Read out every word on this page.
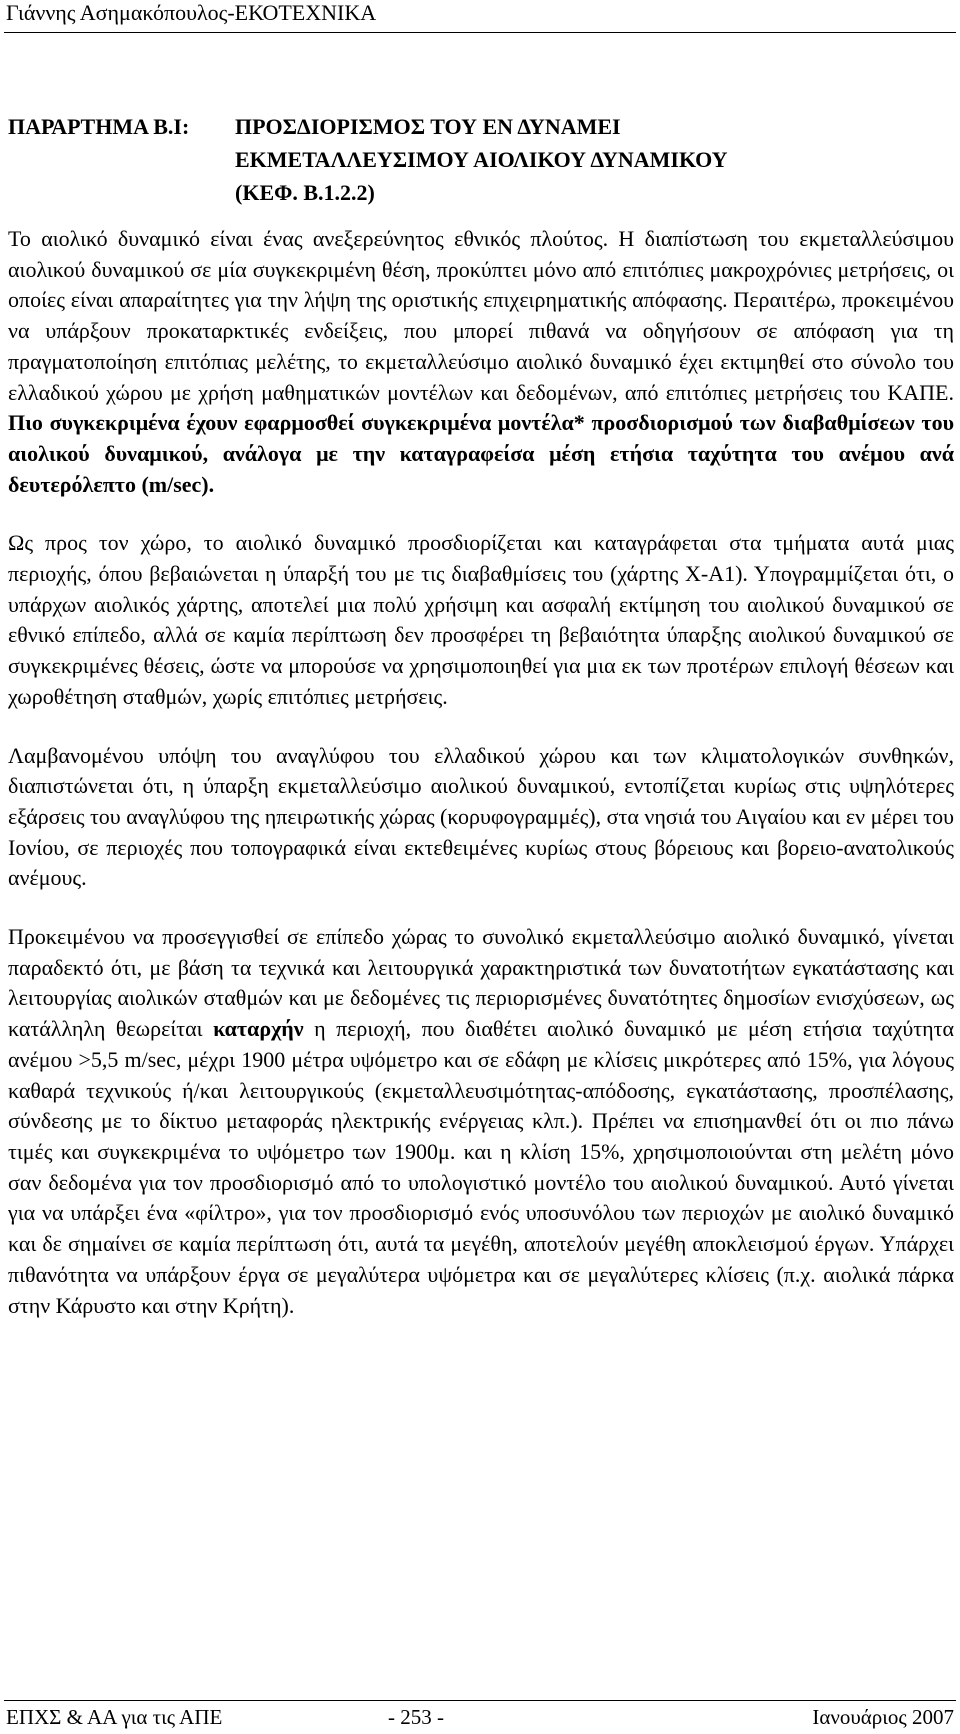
Γιάννης Ασημακόπουλος-ΕΚΟΤΕΧΝΙΚΑ
ΠΑΡΑΡΤΗΜΑ Β.Ι: ΠΡΟΣΔΙΟΡΙΣΜΟΣ ΤΟΥ ΕΝ ΔΥΝΑΜΕΙ
ΕΚΜΕΤΑΛΛΕΥΣΙΜΟΥ ΑΙΟΛΙΚΟΥ ΔΥΝΑΜΙΚΟΥ
(ΚΕΦ. Β.1.2.2)

Το αιολικό δυναμικό είναι ένας ανεξερεύνητος εθνικός πλούτος. Η διαπίστωση του εκμεταλλεύσιμου αιολικού δυναμικού σε μία συγκεκριμένη θέση, προκύπτει μόνο από επιτόπιες μακροχρόνιες μετρήσεις, οι οποίες είναι απαραίτητες για την λήψη της οριστικής επιχειρηματικής απόφασης. Περαιτέρω, προκειμένου να υπάρξουν προκαταρκτικές ενδείξεις, που μπορεί πιθανά να οδηγήσουν σε απόφαση για τη πραγματοποίηση επιτόπιας μελέτης, το εκμεταλλεύσιμο αιολικό δυναμικό έχει εκτιμηθεί στο σύνολο του ελλαδικού χώρου με χρήση μαθηματικών μοντέλων και δεδομένων, από επιτόπιες μετρήσεις του ΚΑΠΕ. Πιο συγκεκριμένα έχουν εφαρμοσθεί συγκεκριμένα μοντέλα* προσδιορισμού των διαβαθμίσεων του αιολικού δυναμικού, ανάλογα με την καταγραφείσα μέση ετήσια ταχύτητα του ανέμου ανά δευτερόλεπτο (m/sec).

Ως προς τον χώρο, το αιολικό δυναμικό προσδιορίζεται και καταγράφεται στα τμήματα αυτά μιας περιοχής, όπου βεβαιώνεται η ύπαρξή του με τις διαβαθμίσεις του (χάρτης Χ-Α1). Υπογραμμίζεται ότι, ο υπάρχων αιολικός χάρτης, αποτελεί μια πολύ χρήσιμη και ασφαλή εκτίμηση του αιολικού δυναμικού σε εθνικό επίπεδο, αλλά σε καμία περίπτωση δεν προσφέρει τη βεβαιότητα ύπαρξης αιολικού δυναμικού σε συγκεκριμένες θέσεις, ώστε να μπορούσε να χρησιμοποιηθεί για μια εκ των προτέρων επιλογή θέσεων και χωροθέτηση σταθμών, χωρίς επιτόπιες μετρήσεις.

Λαμβανομένου υπόψη του αναγλύφου του ελλαδικού χώρου και των κλιματολογικών συνθηκών, διαπιστώνεται ότι, η ύπαρξη εκμεταλλεύσιμο αιολικού δυναμικού, εντοπίζεται κυρίως στις υψηλότερες εξάρσεις του αναγλύφου της ηπειρωτικής χώρας (κορυφογραμμές), στα νησιά του Αιγαίου και εν μέρει του Ιονίου, σε περιοχές που τοπογραφικά είναι εκτεθειμένες κυρίως στους βόρειους και βορειο-ανατολικούς ανέμους.

Προκειμένου να προσεγγισθεί σε επίπεδο χώρας το συνολικό εκμεταλλεύσιμο αιολικό δυναμικό, γίνεται παραδεκτό ότι, με βάση τα τεχνικά και λειτουργικά χαρακτηριστικά των δυνατοτήτων εγκατάστασης και λειτουργίας αιολικών σταθμών και με δεδομένες τις περιορισμένες δυνατότητες δημοσίων ενισχύσεων, ως κατάλληλη θεωρείται καταρχήν η περιοχή, που διαθέτει αιολικό δυναμικό με μέση ετήσια ταχύτητα ανέμου >5,5 m/sec, μέχρι 1900 μέτρα υψόμετρο και σε εδάφη με κλίσεις μικρότερες από 15%, για λόγους καθαρά τεχνικούς ή/και λειτουργικούς (εκμεταλλευσιμότητας-απόδοσης, εγκατάστασης, προσπέλασης, σύνδεσης με το δίκτυο μεταφοράς ηλεκτρικής ενέργειας κλπ.). Πρέπει να επισημανθεί ότι οι πιο πάνω τιμές και συγκεκριμένα το υψόμετρο των 1900μ. και η κλίση 15%, χρησιμοποιούνται στη μελέτη μόνο σαν δεδομένα για τον προσδιορισμό από το υπολογιστικό μοντέλο του αιολικού δυναμικού. Αυτό γίνεται για να υπάρξει ένα «φίλτρο», για τον προσδιορισμό ενός υποσυνόλου των περιοχών με αιολικό δυναμικό και δε σημαίνει σε καμία περίπτωση ότι, αυτά τα μεγέθη, αποτελούν μεγέθη αποκλεισμού έργων. Υπάρχει πιθανότητα να υπάρξουν έργα σε μεγαλύτερα υψόμετρα και σε μεγαλύτερες κλίσεις (π.χ. αιολικά πάρκα στην Κάρυστο και στην Κρήτη).

ΕΠΧΣ & ΑΑ για τις ΑΠΕ	- 253 -	Ιανουάριος 2007
